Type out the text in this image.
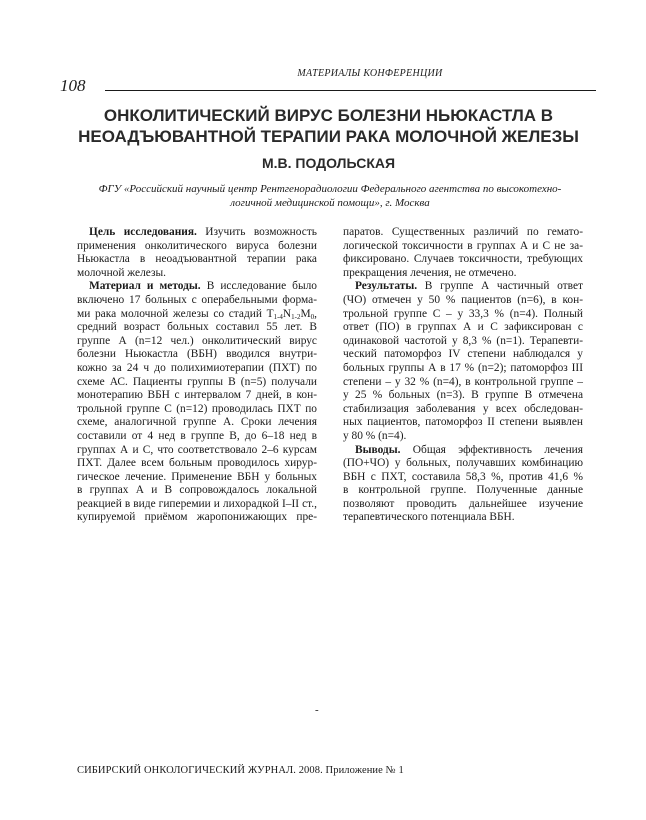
МАТЕРИАЛЫ КОНФЕРЕНЦИИ
108
ОНКОЛИТИЧЕСКИЙ ВИРУС БОЛЕЗНИ НЬЮКАСТЛА В
НЕОАДЪЮВАНТНОЙ ТЕРАПИИ РАКА МОЛОЧНОЙ ЖЕЛЕЗЫ
М.В. ПОДОЛЬСКАЯ
ФГУ «Российский научный центр Рентгенорадиологии Федерального агентства по высокотехно-
логичной медицинской помощи», г. Москва
Цель исследования. Изучить возможность
применения онколитического вируса болезни
Ньюкастла в неоадъювантной терапии рака
молочной железы.
Материал и методы. В исследование было
включено 17 больных с операбельными форма-
ми рака молочной железы со стадий $T_{1-4}N_{1-2}M_0$,
средний возраст больных составил 55 лет. В
группе А (n=12 чел.) онколитический вирус
болезни Ньюкастла (ВБН) вводился внутри-
кожно за 24 ч до полихимиотерапии (ПХТ) по
схеме АС. Пациенты группы В (n=5) получали
монотерапию ВБН с интервалом 7 дней, в кон-
трольной группе С (n=12) проводилась ПХТ по
схеме, аналогичной группе А. Сроки лечения
составили от 4 нед в группе В, до 6–18 нед в
группах А и С, что соответствовало 2–6 курсам
ПХТ. Далее всем больным проводилось хирур-
гическое лечение. Применение ВБН у больных
в группах А и В сопровождалось локальной
реакцией в виде гиперемии и лихорадкой I–II ст.,
купируемой приёмом жаропонижающих пре-
паратов. Существенных различий по гемато-
логической токсичности в группах А и С не за-
фиксировано. Случаев токсичности, требующих
прекращения лечения, не отмечено.
Результаты. В группе А частичный ответ
(ЧО) отмечен у 50 % пациентов (n=6), в кон-
трольной группе С – у 33,3 % (n=4). Полный
ответ (ПО) в группах А и С зафиксирован с
одинаковой частотой у 8,3 % (n=1). Терапевти-
ческий патоморфоз IV степени наблюдался у
больных группы А в 17 % (n=2); патоморфоз III
степени – у 32 % (n=4), в контрольной группе –
у 25 % больных (n=3). В группе В отмечена
стабилизация заболевания у всех обследован-
ных пациентов, патоморфоз II степени выявлен
у 80 % (n=4).
Выводы. Общая эффективность лечения
(ПО+ЧО) у больных, получавших комбинацию
ВБН с ПХТ, составила 58,3 %, против 41,6 %
в контрольной группе. Полученные данные
позволяют проводить дальнейшее изучение
терапевтического потенциала ВБН.
-
СИБИРСКИЙ ОНКОЛОГИЧЕСКИЙ ЖУРНАЛ. 2008. Приложение № 1
